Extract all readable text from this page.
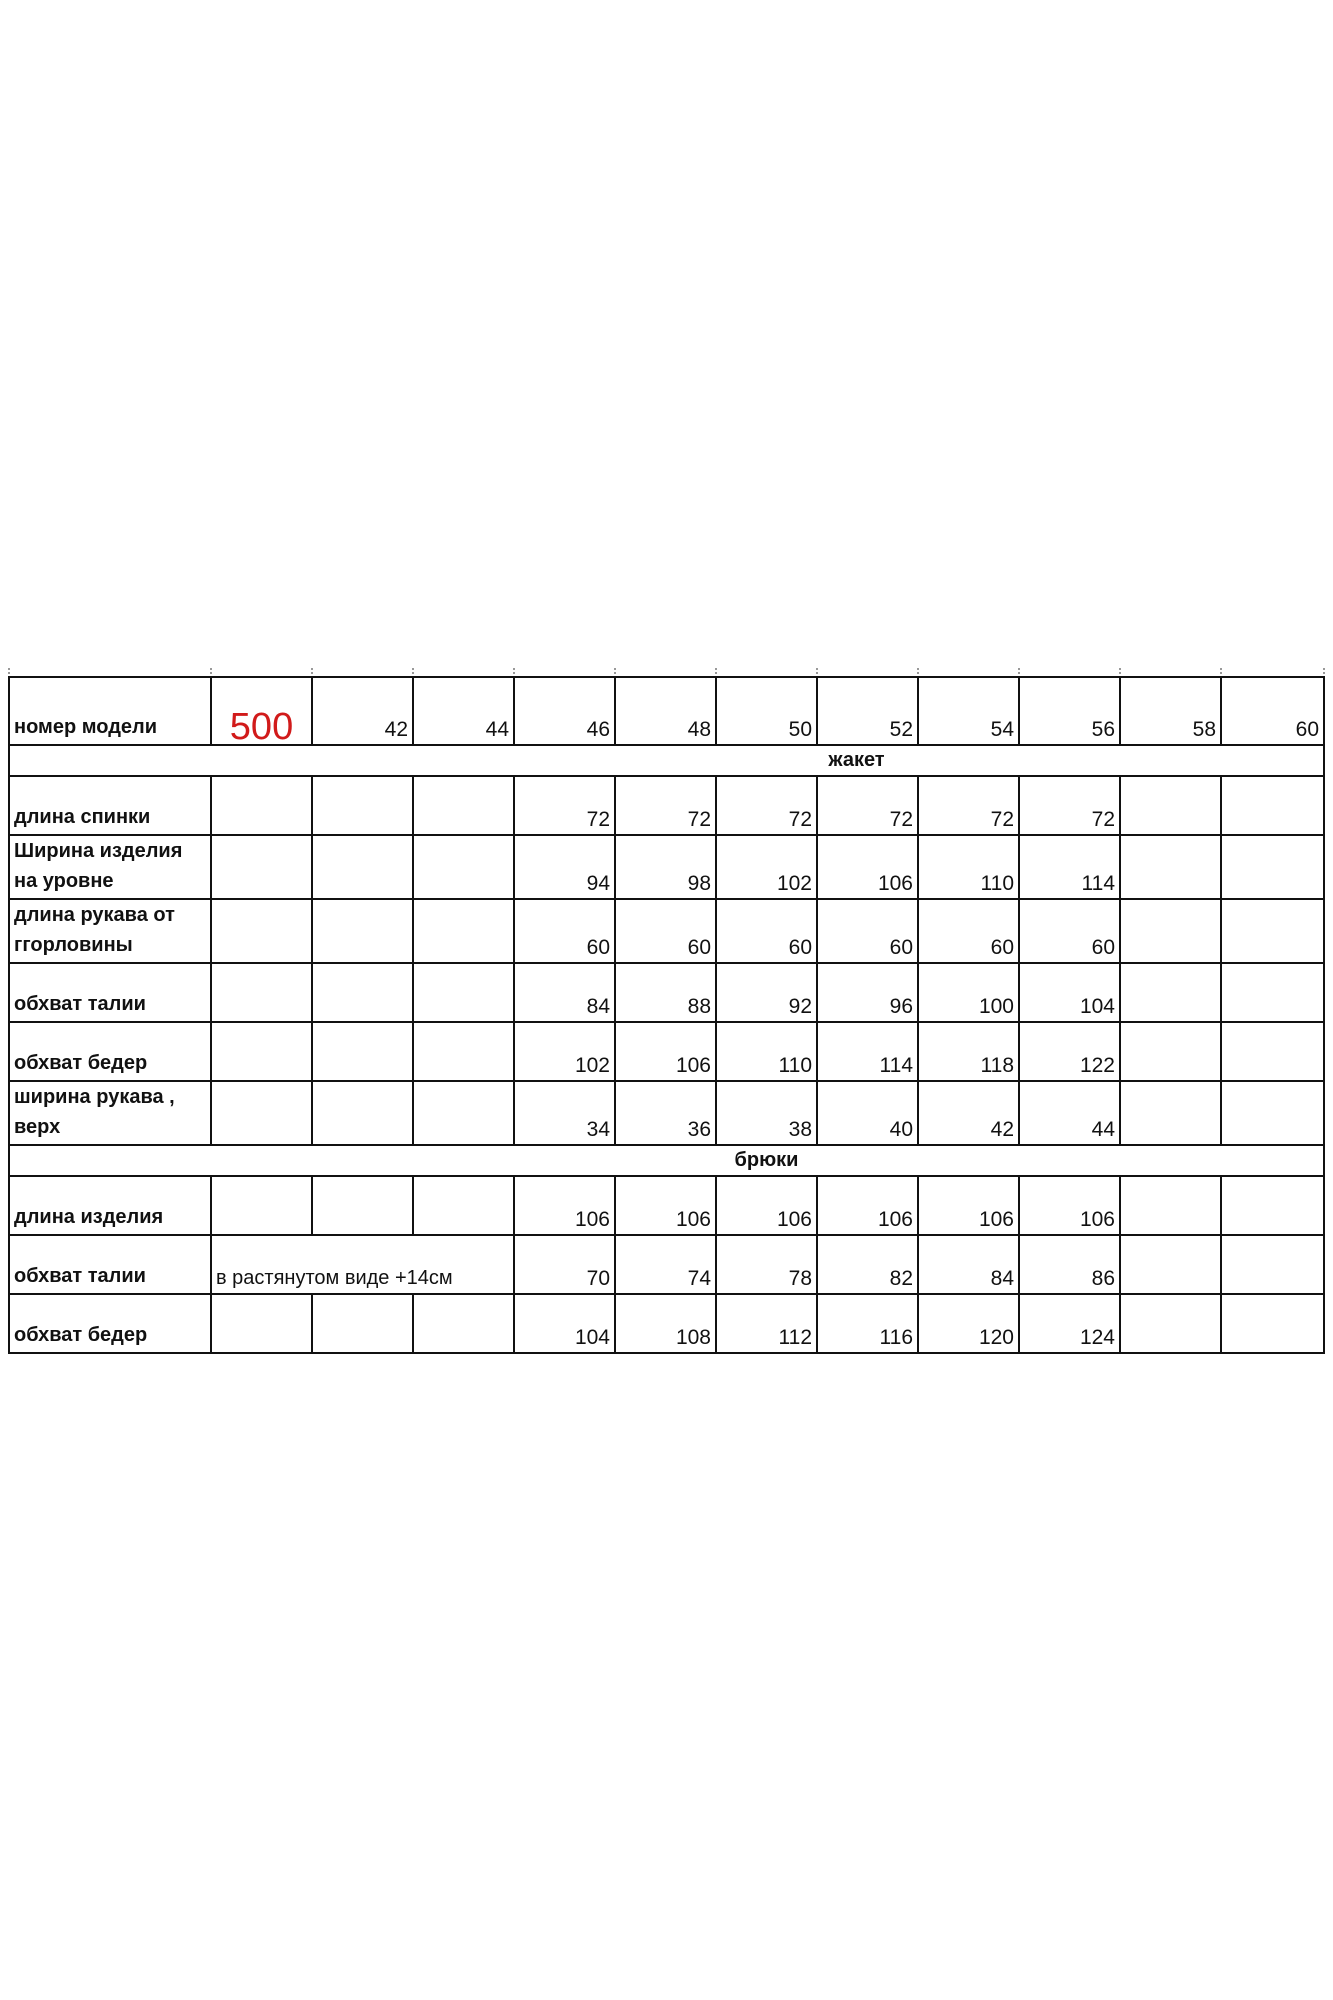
номер модели	500	42	44	46	48	50	52	54	56	58	60
жакет											
длина спинки				72	72	72	72	72	72		
Ширина изделия на уровне				94	98	102	106	110	114		
длина рукава от ггорловины				60	60	60	60	60	60		
обхват талии				84	88	92	96	100	104		
обхват бедер				102	106	110	114	118	122		
ширина рукава , верх				34	36	38	40	42	44		
брюки											
длина изделия				106	106	106	106	106	106		
обхват талии	в растянутом виде +14см			70	74	78	82	84	86		
обхват бедер				104	108	112	116	120	124		
